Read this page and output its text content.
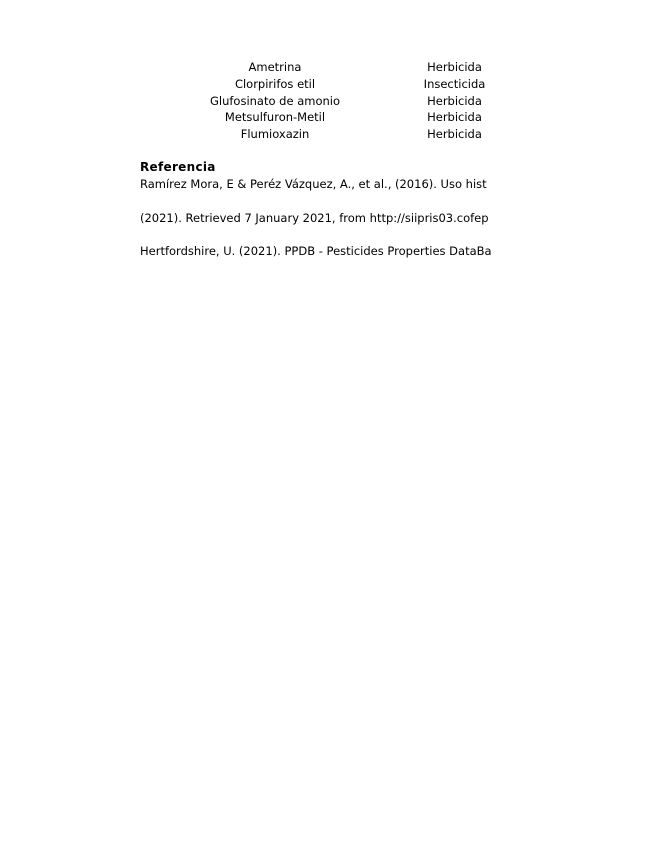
Ametrina	Herbicida
Clorpirifos etil	Insecticida
Glufosinato de amonio	Herbicida
Metsulfuron-Metil	Herbicida
Flumioxazin	Herbicida
Referencia
Ramírez Mora, E & Peréz Vázquez, A., et al., (2016). Uso hist
(2021). Retrieved 7 January 2021, from http://siipris03.cofep
Hertfordshire, U. (2021). PPDB - Pesticides Properties DataBa
